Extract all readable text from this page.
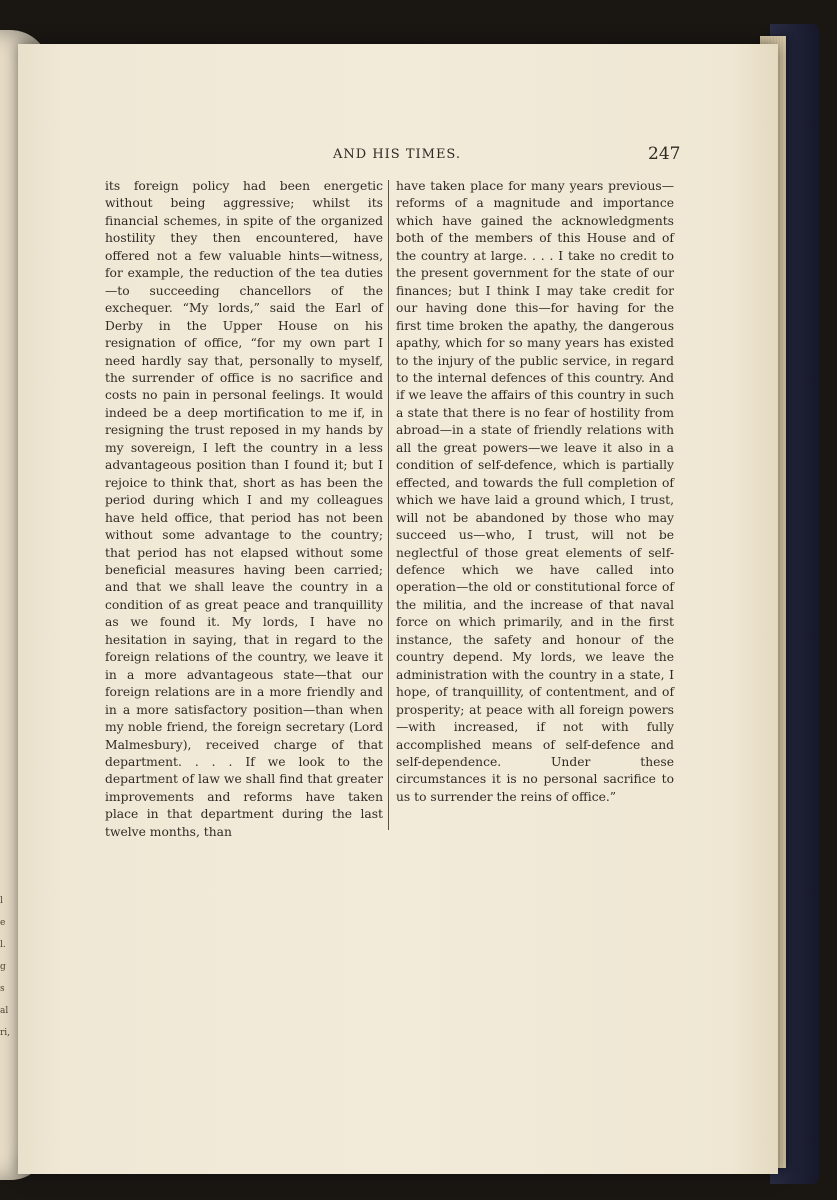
AND HIS TIMES.	247
its foreign policy had been energetic without being aggressive; whilst its financial schemes, in spite of the organized hostility they then encountered, have offered not a few valuable hints—witness, for example, the reduction of the tea duties—to succeeding chancellors of the exchequer. “My lords,” said the Earl of Derby in the Upper House on his resignation of office, “for my own part I need hardly say that, personally to myself, the surrender of office is no sacrifice and costs no pain in personal feelings. It would indeed be a deep mortification to me if, in resigning the trust reposed in my hands by my sovereign, I left the country in a less advantageous position than I found it; but I rejoice to think that, short as has been the period during which I and my colleagues have held office, that period has not been without some advantage to the country; that period has not elapsed without some beneficial measures having been carried; and that we shall leave the country in a condition of as great peace and tranquillity as we found it. My lords, I have no hesitation in saying, that in regard to the foreign relations of the country, we leave it in a more advantageous state—that our foreign relations are in a more friendly and in a more satisfactory position—than when my noble friend, the foreign secretary (Lord Malmesbury), received charge of that department. . . . If we look to the department of law we shall find that greater improvements and reforms have taken place in that department during the last twelve months, than
have taken place for many years previous—reforms of a magnitude and importance which have gained the acknowledgments both of the members of this House and of the country at large. . . . I take no credit to the present government for the state of our finances; but I think I may take credit for our having done this—for having for the first time broken the apathy, the dangerous apathy, which for so many years has existed to the injury of the public service, in regard to the internal defences of this country. And if we leave the affairs of this country in such a state that there is no fear of hostility from abroad—in a state of friendly relations with all the great powers—we leave it also in a condition of self-defence, which is partially effected, and towards the full completion of which we have laid a ground which, I trust, will not be abandoned by those who may succeed us—who, I trust, will not be neglectful of those great elements of self-defence which we have called into operation—the old or constitutional force of the militia, and the increase of that naval force on which primarily, and in the first instance, the safety and honour of the country depend. My lords, we leave the administration with the country in a state, I hope, of tranquillity, of contentment, and of prosperity; at peace with all foreign powers—with increased, if not with fully accomplished means of self-defence and self-dependence. Under these circumstances it is no personal sacrifice to us to surrender the reins of office.”
l
e
l.
g
s
al
ri,
